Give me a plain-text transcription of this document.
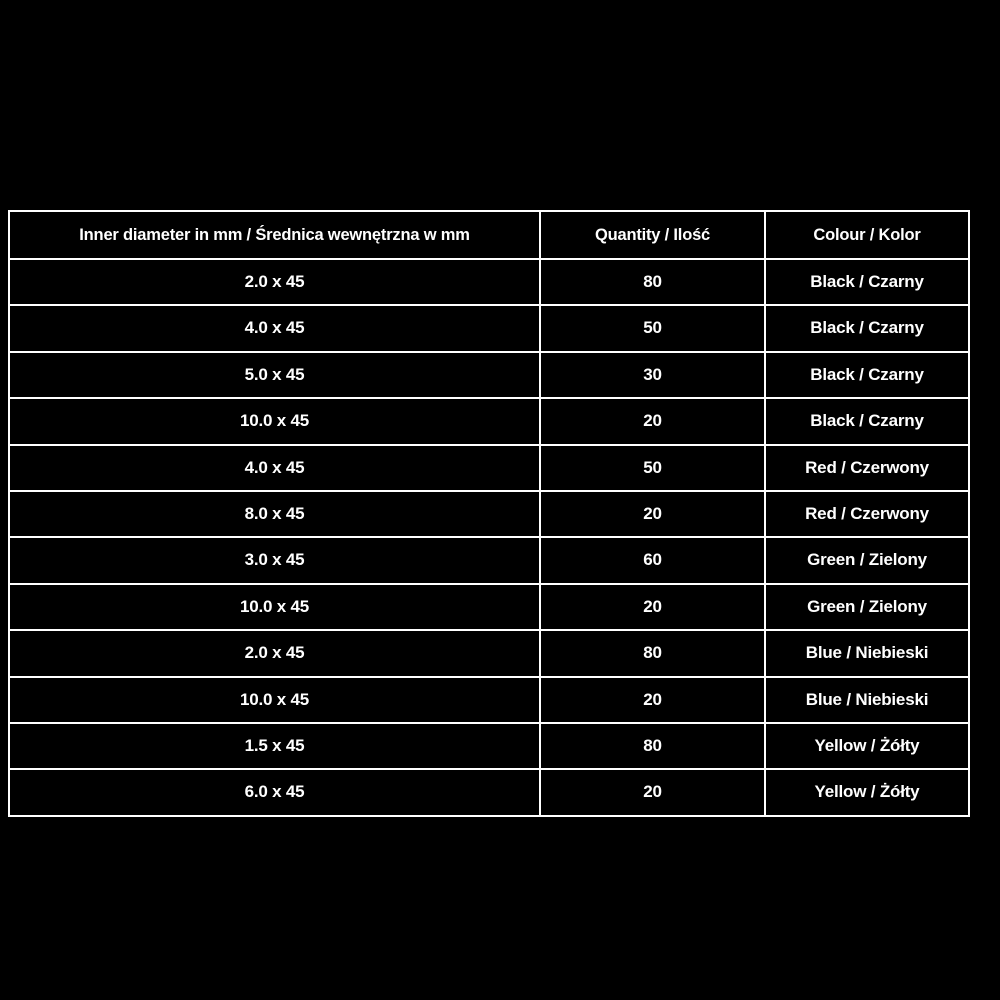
Inner diameter in mm / Średnica wewnętrzna w mm	Quantity / Ilość	Colour / Kolor
2.0 x 45	80	Black / Czarny
4.0 x 45	50	Black / Czarny
5.0 x 45	30	Black / Czarny
10.0 x 45	20	Black / Czarny
4.0 x 45	50	Red / Czerwony
8.0 x 45	20	Red / Czerwony
3.0 x 45	60	Green / Zielony
10.0 x 45	20	Green / Zielony
2.0 x 45	80	Blue / Niebieski
10.0 x 45	20	Blue / Niebieski
1.5 x 45	80	Yellow / Żółty
6.0 x 45	20	Yellow / Żółty
